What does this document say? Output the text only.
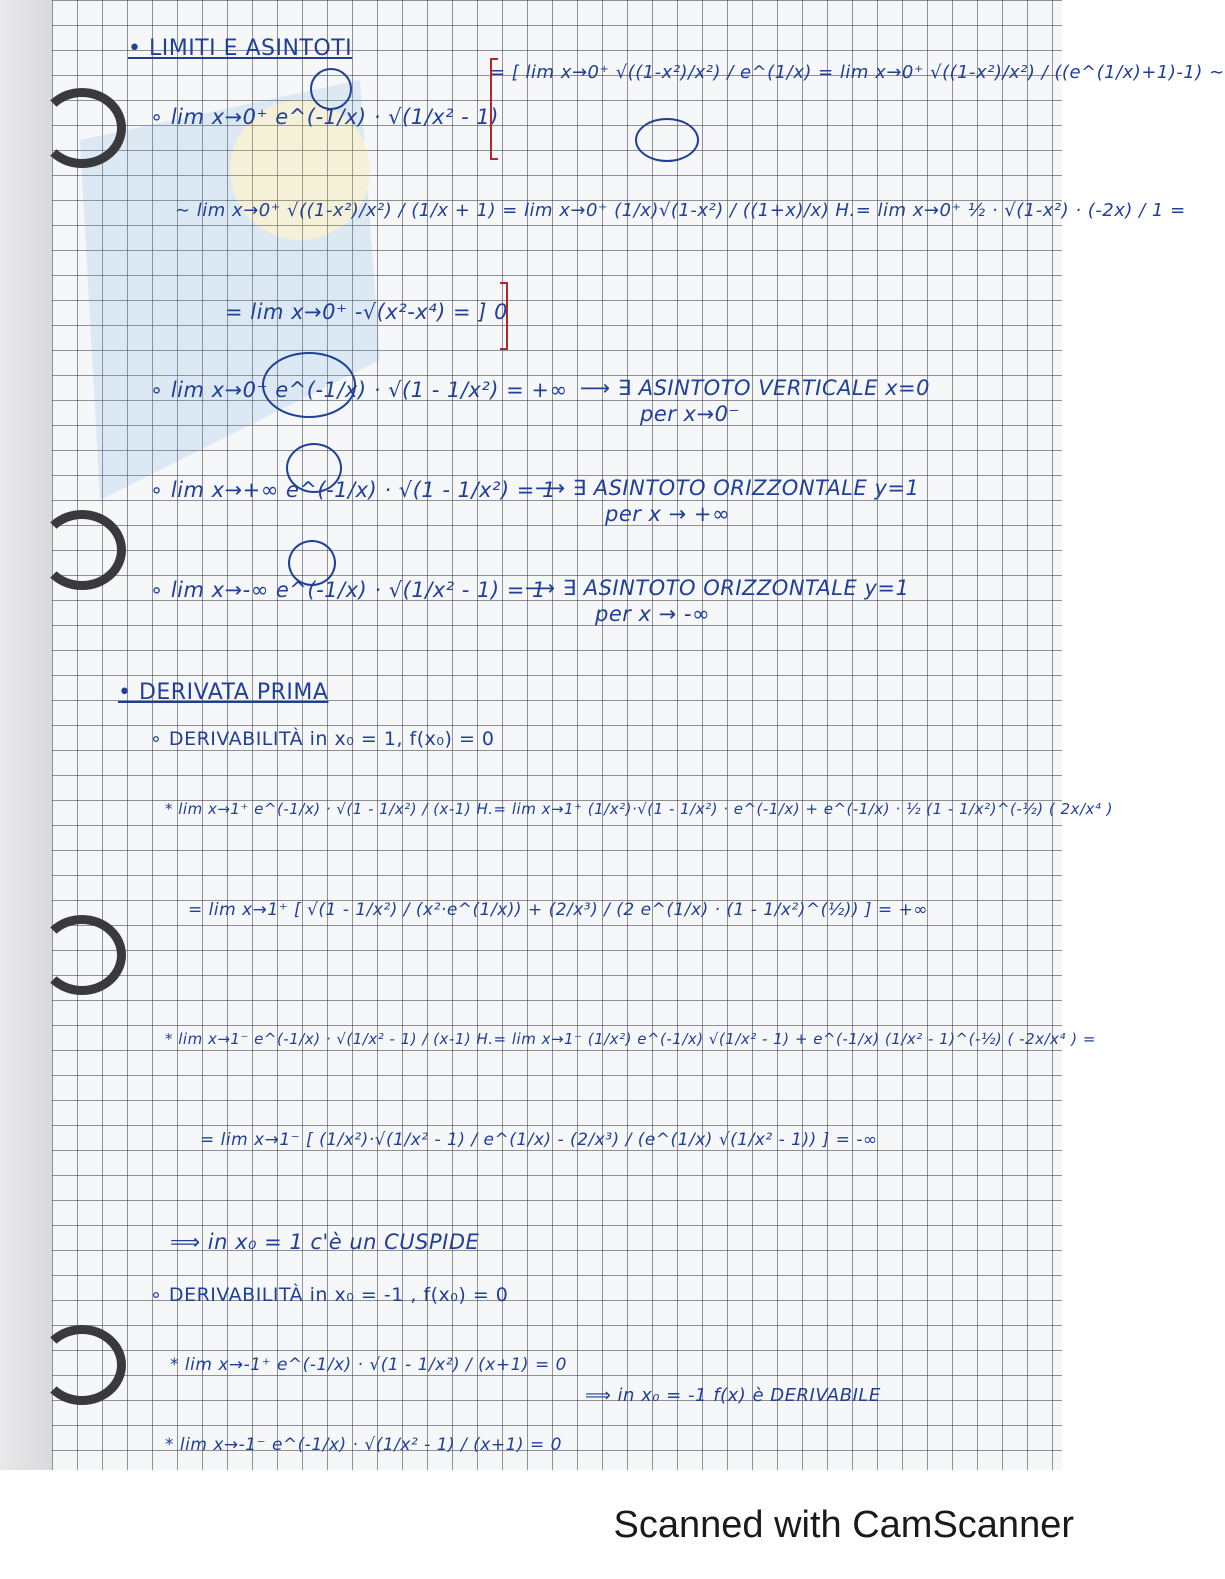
• LIMITI E ASINTOTI
∘ lim x→0⁺ e^(-1/x) · √(1/x² - 1)
= [ lim x→0⁺ √((1-x²)/x²) / e^(1/x) = lim x→0⁺ √((1-x²)/x²) / ((e^(1/x)+1)-1) ∼
∼ lim x→0⁺ √((1-x²)/x²) / (1/x + 1) = lim x→0⁺ (1/x)√(1-x²) / ((1+x)/x) H.= lim x→0⁺ ½ · √(1-x²) · (-2x) / 1 =
= lim x→0⁺ -√(x²-x⁴) = ] 0
∘ lim x→0⁻ e^(-1/x) · √(1 - 1/x²) = +∞ ⟶ ∃ ASINTOTO VERTICALE x=0
per x→0⁻
∘ lim x→+∞ e^(-1/x) · √(1 - 1/x²) = 1
⟶ ∃ ASINTOTO ORIZZONTALE y=1
per x → +∞
∘ lim x→-∞ e^(-1/x) · √(1/x² - 1) = 1
⟶ ∃ ASINTOTO ORIZZONTALE y=1
per x → -∞
• DERIVATA PRIMA
∘ DERIVABILITÀ in x₀ = 1, f(x₀) = 0
* lim x→1⁺ e^(-1/x) · √(1 - 1/x²) / (x-1) H.= lim x→1⁺ (1/x²)·√(1 - 1/x²) · e^(-1/x) + e^(-1/x) · ½ (1 - 1/x²)^(-½) ( 2x/x⁴ )
= lim x→1⁺ [ √(1 - 1/x²) / (x²·e^(1/x)) + (2/x³) / (2 e^(1/x) · (1 - 1/x²)^(½)) ] = +∞
* lim x→1⁻ e^(-1/x) · √(1/x² - 1) / (x-1) H.= lim x→1⁻ (1/x²) e^(-1/x) √(1/x² - 1) + e^(-1/x) (1/x² - 1)^(-½) ( -2x/x⁴ ) =
= lim x→1⁻ [ (1/x²)·√(1/x² - 1) / e^(1/x) - (2/x³) / (e^(1/x) √(1/x² - 1)) ] = -∞
⟹ in x₀ = 1 c'è un CUSPIDE
∘ DERIVABILITÀ in x₀ = -1 , f(x₀) = 0
* lim x→-1⁺ e^(-1/x) · √(1 - 1/x²) / (x+1) = 0
⟹ in x₀ = -1 f(x) è DERIVABILE
* lim x→-1⁻ e^(-1/x) · √(1/x² - 1) / (x+1) = 0
Scanned with CamScanner
